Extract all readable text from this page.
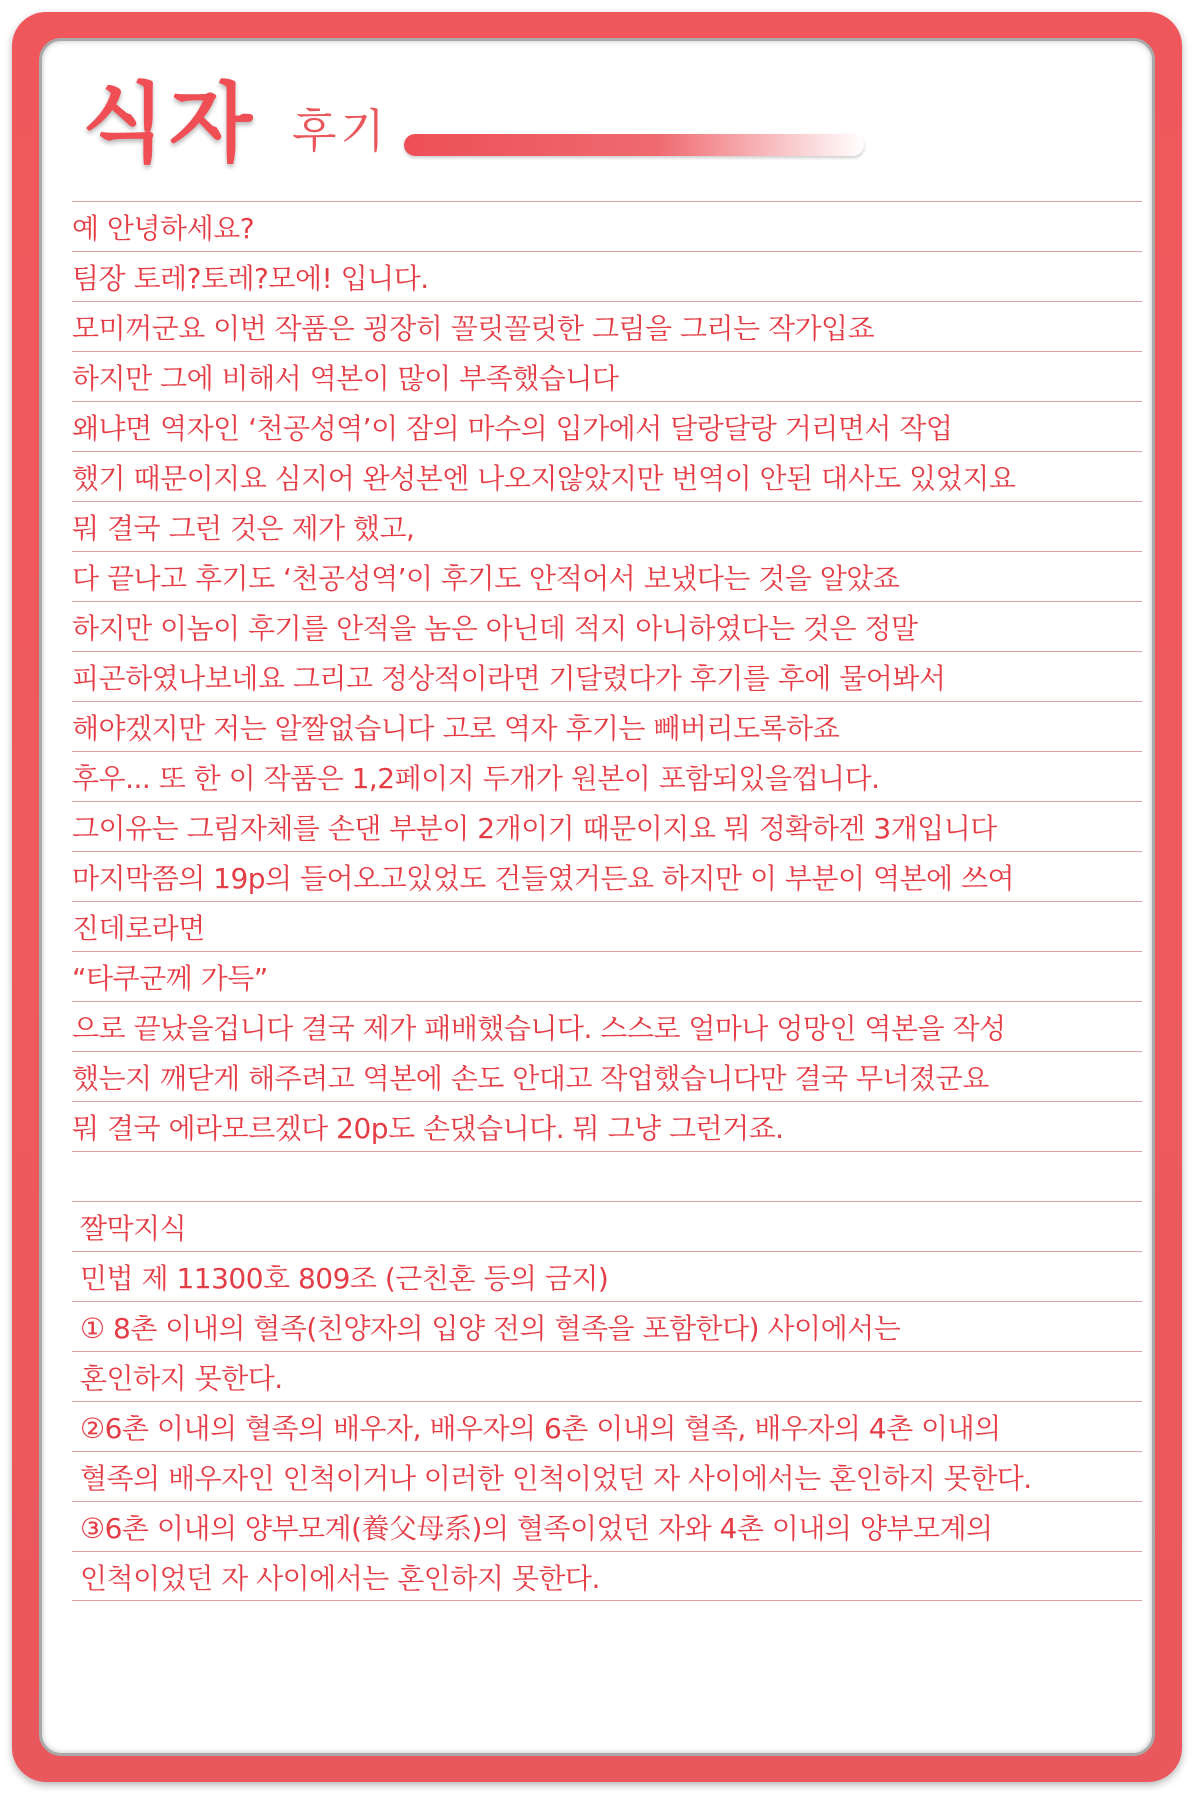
식자 후기
예 안녕하세요?
팀장 토레?토레?모에! 입니다.
모미꺼군요 이번 작품은 굉장히 꼴릿꼴릿한 그림을 그리는 작가입죠
하지만 그에 비해서 역본이 많이 부족했습니다
왜냐면 역자인 ‘천공성역’이 잠의 마수의 입가에서 달랑달랑 거리면서 작업
했기 때문이지요 심지어 완성본엔 나오지않았지만 번역이 안된 대사도 있었지요
뭐 결국 그런 것은 제가 했고,
다 끝나고 후기도 ‘천공성역’이 후기도 안적어서 보냈다는 것을 알았죠
하지만 이놈이 후기를 안적을 놈은 아닌데 적지 아니하였다는 것은 정말
피곤하였나보네요 그리고 정상적이라면 기달렸다가 후기를 후에 물어봐서
해야겠지만 저는 알짤없습니다 고로 역자 후기는 빼버리도록하죠
후우... 또 한 이 작품은 1,2페이지 두개가 원본이 포함되있을껍니다.
그이유는 그림자체를 손댄 부분이 2개이기 때문이지요 뭐 정확하겐 3개입니다
마지막쯤의 19p의 들어오고있었도 건들였거든요 하지만 이 부분이 역본에 쓰여
진데로라면
“타쿠군께 가득”
으로 끝났을겁니다 결국 제가 패배했습니다. 스스로 얼마나 엉망인 역본을 작성
했는지 깨닫게 해주려고 역본에 손도 안대고 작업했습니다만 결국 무너졌군요
뭐 결국 에라모르겠다 20p도 손댔습니다. 뭐 그냥 그런거죠.
짤막지식
민법 제 11300호 809조 (근친혼 등의 금지)
① 8촌 이내의 혈족(친양자의 입양 전의 혈족을 포함한다) 사이에서는
혼인하지 못한다.
②6촌 이내의 혈족의 배우자, 배우자의 6촌 이내의 혈족, 배우자의 4촌 이내의
혈족의 배우자인 인척이거나 이러한 인척이었던 자 사이에서는 혼인하지 못한다.
③6촌 이내의 양부모계(養父母系)의 혈족이었던 자와 4촌 이내의 양부모계의
인척이었던 자 사이에서는 혼인하지 못한다.
